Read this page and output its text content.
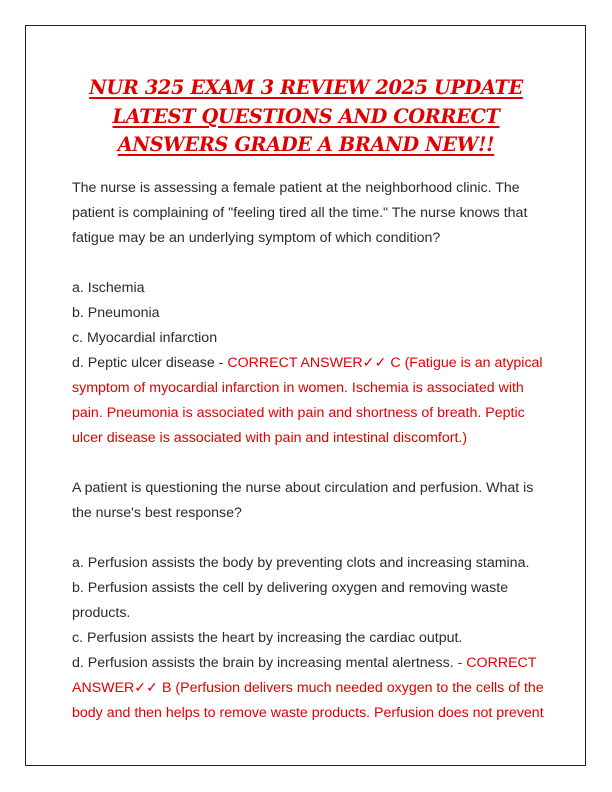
NUR 325 EXAM 3 REVIEW 2025 UPDATE
LATEST QUESTIONS AND CORRECT
ANSWERS GRADE A BRAND NEW!!

The nurse is assessing a female patient at the neighborhood clinic. The patient is complaining of "feeling tired all the time." The nurse knows that fatigue may be an underlying symptom of which condition?

a. Ischemia

b. Pneumonia

c. Myocardial infarction

d. Peptic ulcer disease - CORRECT ANSWER✓✓ C (Fatigue is an atypical symptom of myocardial infarction in women. Ischemia is associated with pain. Pneumonia is associated with pain and shortness of breath. Peptic ulcer disease is associated with pain and intestinal discomfort.)

A patient is questioning the nurse about circulation and perfusion. What is the nurse's best response?

a. Perfusion assists the body by preventing clots and increasing stamina.

b. Perfusion assists the cell by delivering oxygen and removing waste products.

c. Perfusion assists the heart by increasing the cardiac output.

d. Perfusion assists the brain by increasing mental alertness. - CORRECT ANSWER✓✓ B (Perfusion delivers much needed oxygen to the cells of the body and then helps to remove waste products. Perfusion does not prevent
